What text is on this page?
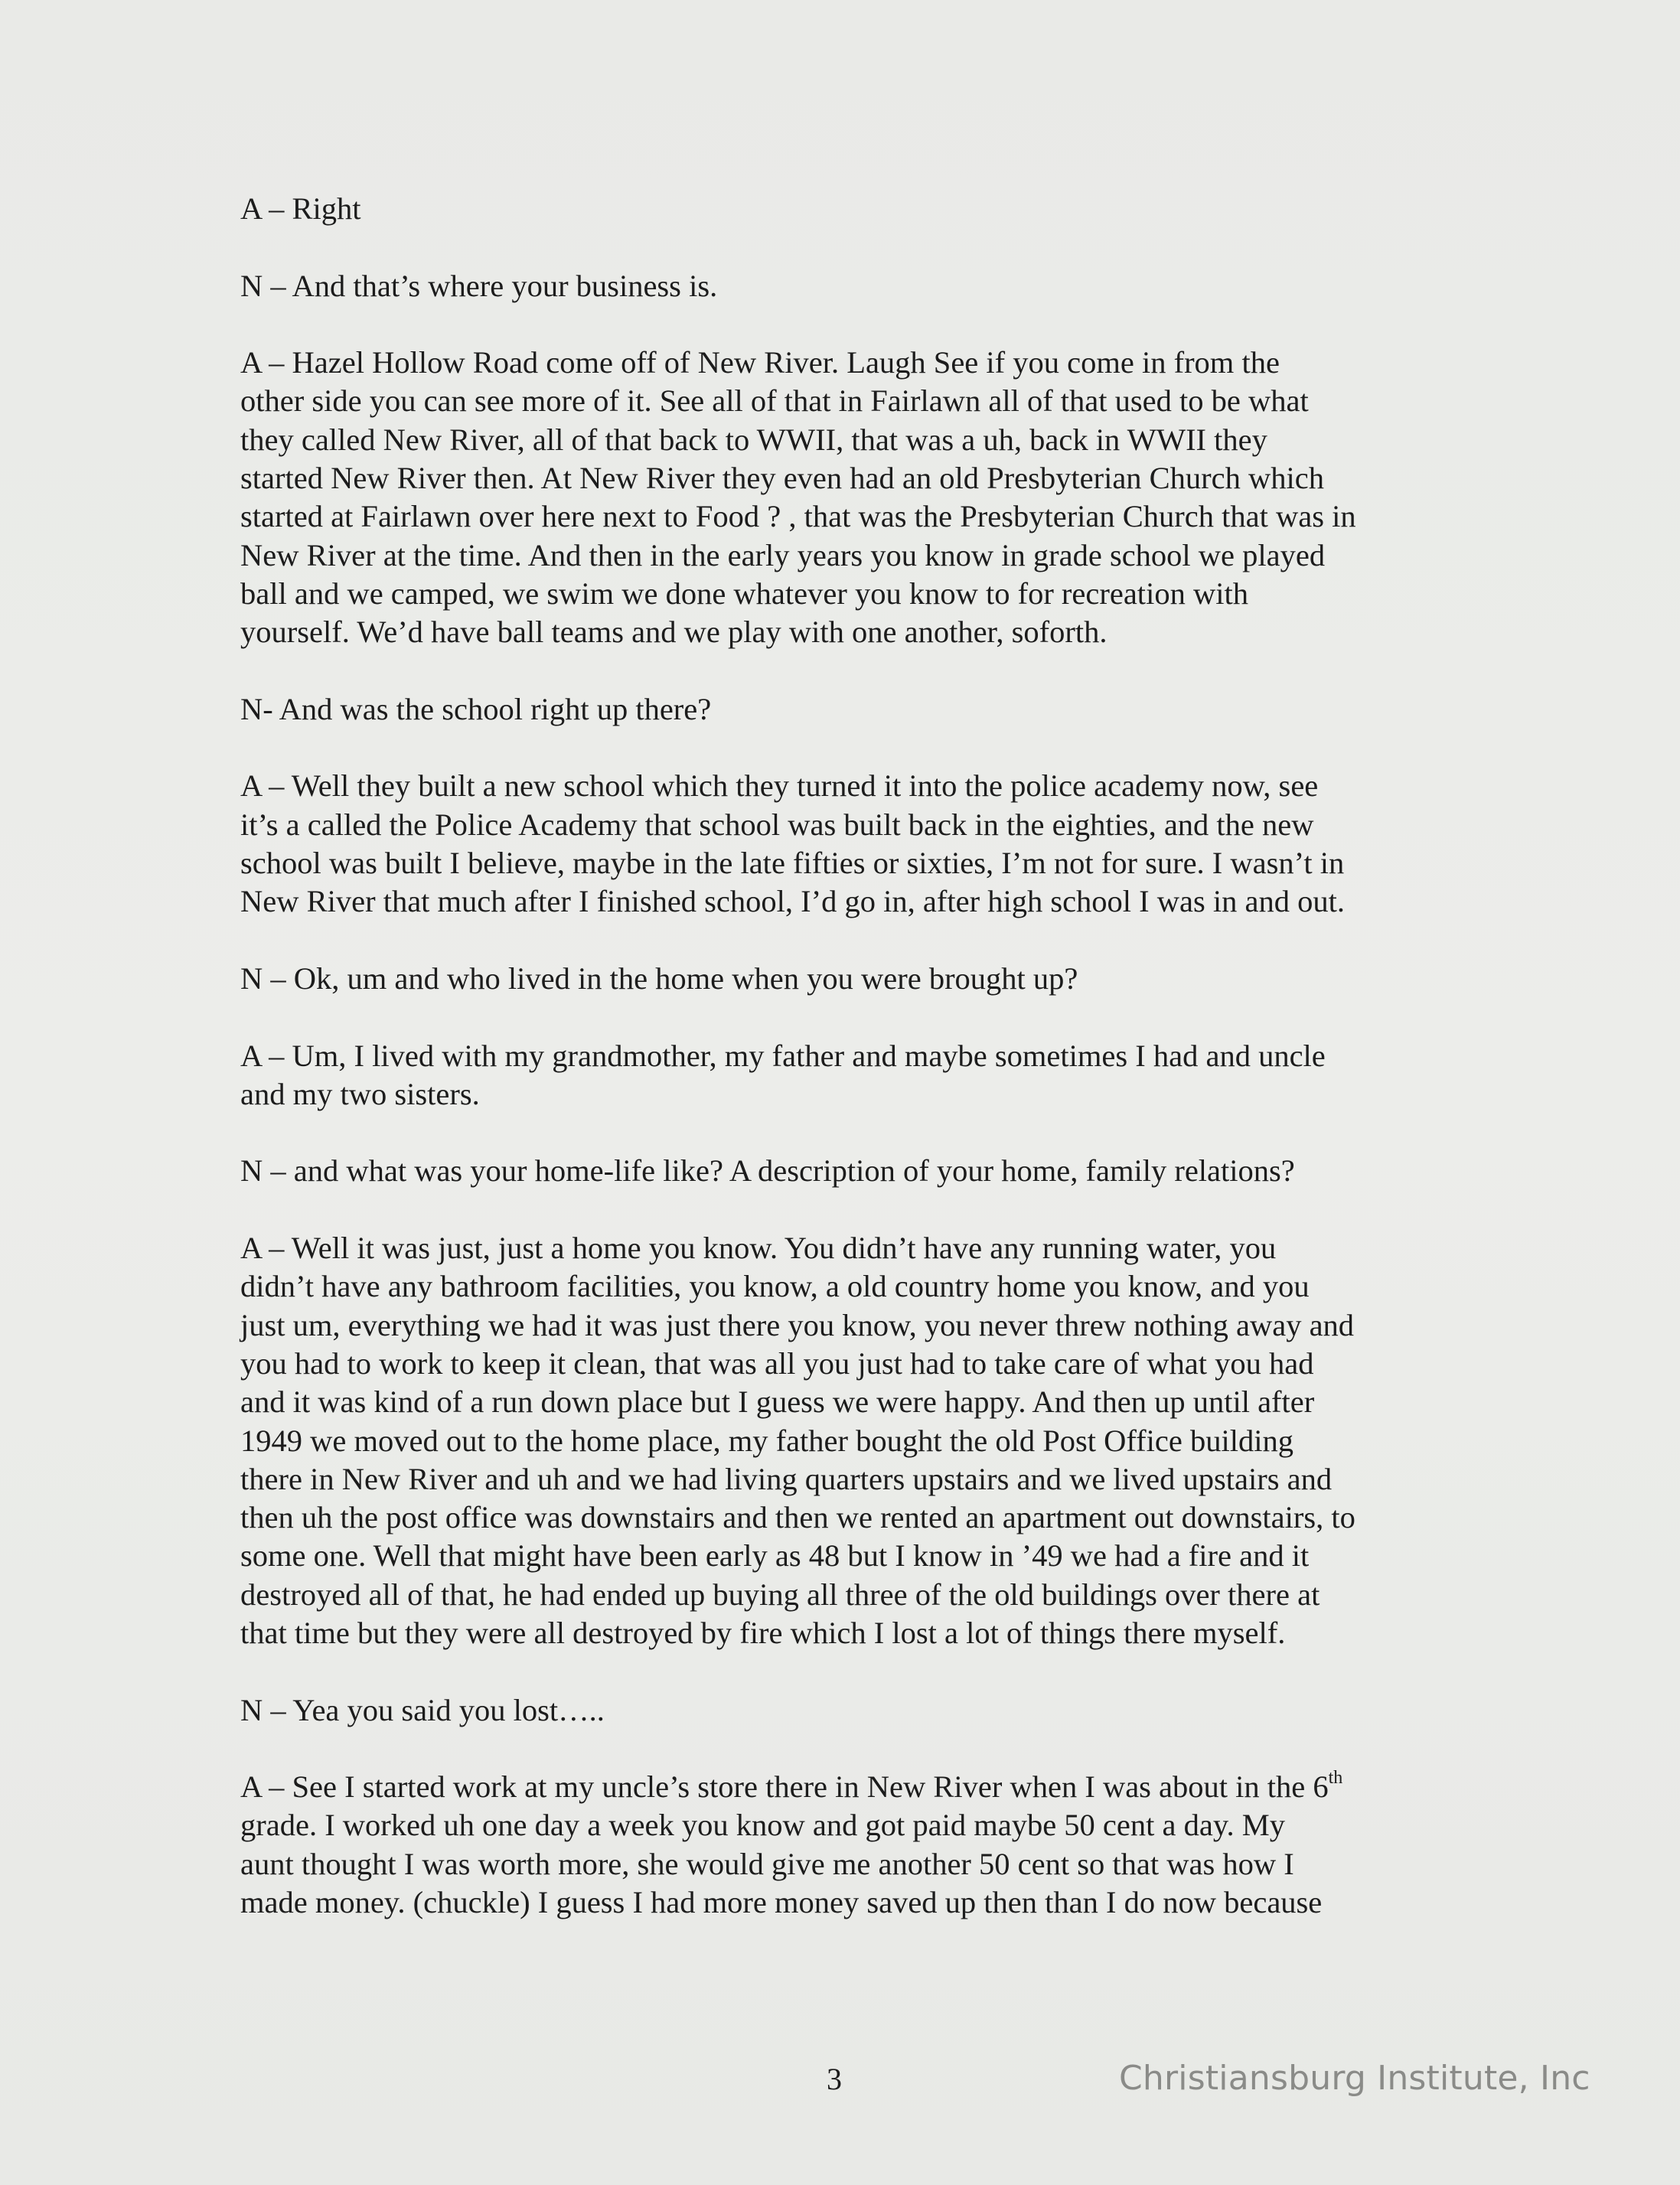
A – Right

N – And that’s where your business is.

A – Hazel Hollow Road come off of New River. Laugh See if you come in from the
other side you can see more of it. See all of that in Fairlawn all of that used to be what
they called New River, all of that back to WWII, that was a uh, back in WWII they
started New River then. At New River they even had an old Presbyterian Church which
started at Fairlawn over here next to Food ? , that was the Presbyterian Church that was in
New River at the time. And then in the early years you know in grade school we played
ball and we camped, we swim we done whatever you know to for recreation with
yourself. We’d have ball teams and we play with one another, soforth.

N- And was the school right up there?

A – Well they built a new school which they turned it into the police academy now, see
it’s a called the Police Academy that school was built back in the eighties, and the new
school was built I believe, maybe in the late fifties or sixties, I’m not for sure. I wasn’t in
New River that much after I finished school, I’d go in, after high school I was in and out.

N – Ok, um and who lived in the home when you were brought up?

A – Um, I lived with my grandmother, my father and maybe sometimes I had and uncle
and my two sisters.

N – and what was your home-life like? A description of your home, family relations?

A – Well it was just, just a home you know. You didn’t have any running water, you
didn’t have any bathroom facilities, you know, a old country home you know, and you
just um, everything we had it was just there you know, you never threw nothing away and
you had to work to keep it clean, that was all you just had to take care of what you had
and it was kind of a run down place but I guess we were happy. And then up until after
1949 we moved out to the home place, my father bought the old Post Office building
there in New River and uh and we had living quarters upstairs and we lived upstairs and
then uh the post office was downstairs and then we rented an apartment out downstairs, to
some one. Well that might have been early as 48 but I know in ’49 we had a fire and it
destroyed all of that, he had ended up buying all three of the old buildings over there at
that time but they were all destroyed by fire which I lost a lot of things there myself.

N – Yea you said you lost…..

A – See I started work at my uncle’s store there in New River when I was about in the 6th
grade. I worked uh one day a week you know and got paid maybe 50 cent a day. My
aunt thought I was worth more, she would give me another 50 cent so that was how I
made money. (chuckle) I guess I had more money saved up then than I do now because

3	Christiansburg Institute, Inc
